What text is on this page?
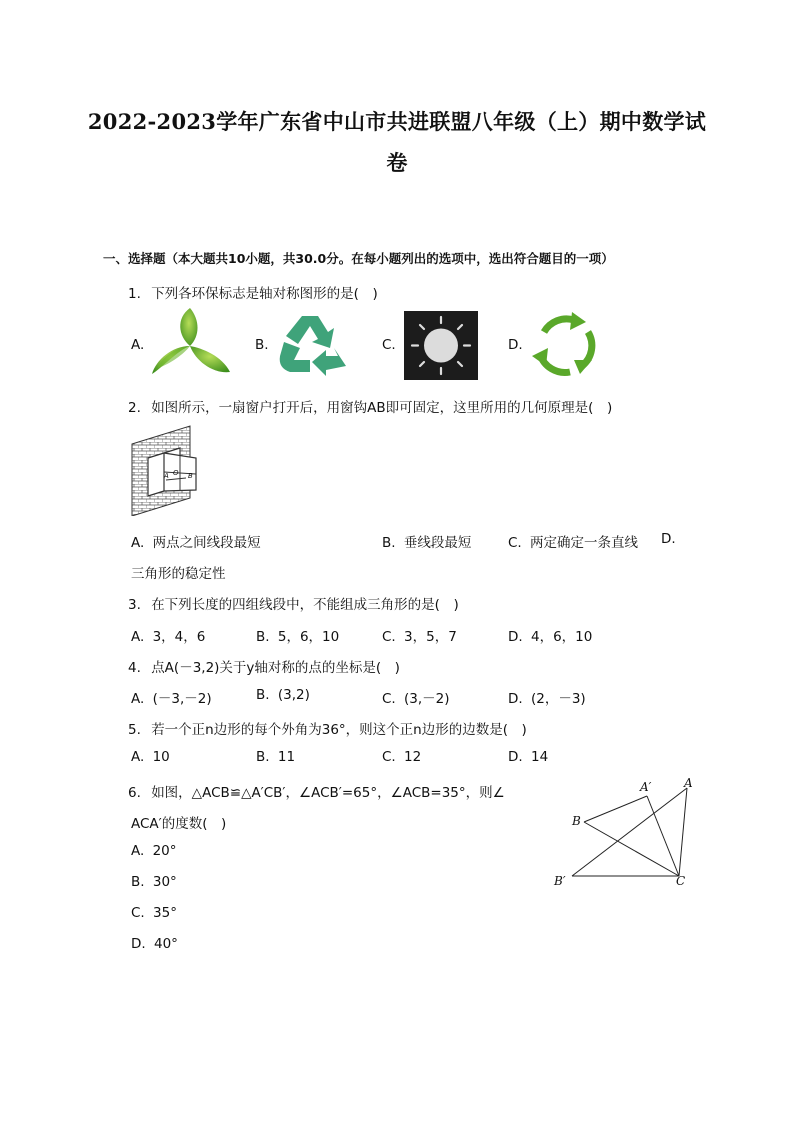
2022-2023学年广东省中山市共进联盟八年级（上）期中数学试
卷
一、选择题（本大题共10小题，共30.0分。在每小题列出的选项中，选出符合题目的一项）
1. 下列各环保标志是轴对称图形的是(　)
A.	B.	C.	D.
2. 如图所示，一扇窗户打开后，用窗钩AB即可固定，这里所用的几何原理是(　)
A O B
A. 两点之间线段最短	B. 垂线段最短	C. 两定确定一条直线 D.
三角形的稳定性
3. 在下列长度的四组线段中，不能组成三角形的是(　)
A. 3，4，6	B. 5，6，10	C. 3，5，7	D. 4，6，10
4. 点A(－3,2)关于y轴对称的点的坐标是(　)
A. (－3,－2)	B. (3,2)	C. (3,－2)	D. (2，－3)
5. 若一个正n边形的每个外角为36°，则这个正n边形的边数是(　)
A. 10	B. 11	C. 12	D. 14
6. 如图，△ACB≌△A′CB′，∠ACB′=65°，∠ACB=35°，则∠
ACA′的度数(　)
A. 20°
B. 30°
C. 35°
D. 40°
A′	A
B
B′	C
